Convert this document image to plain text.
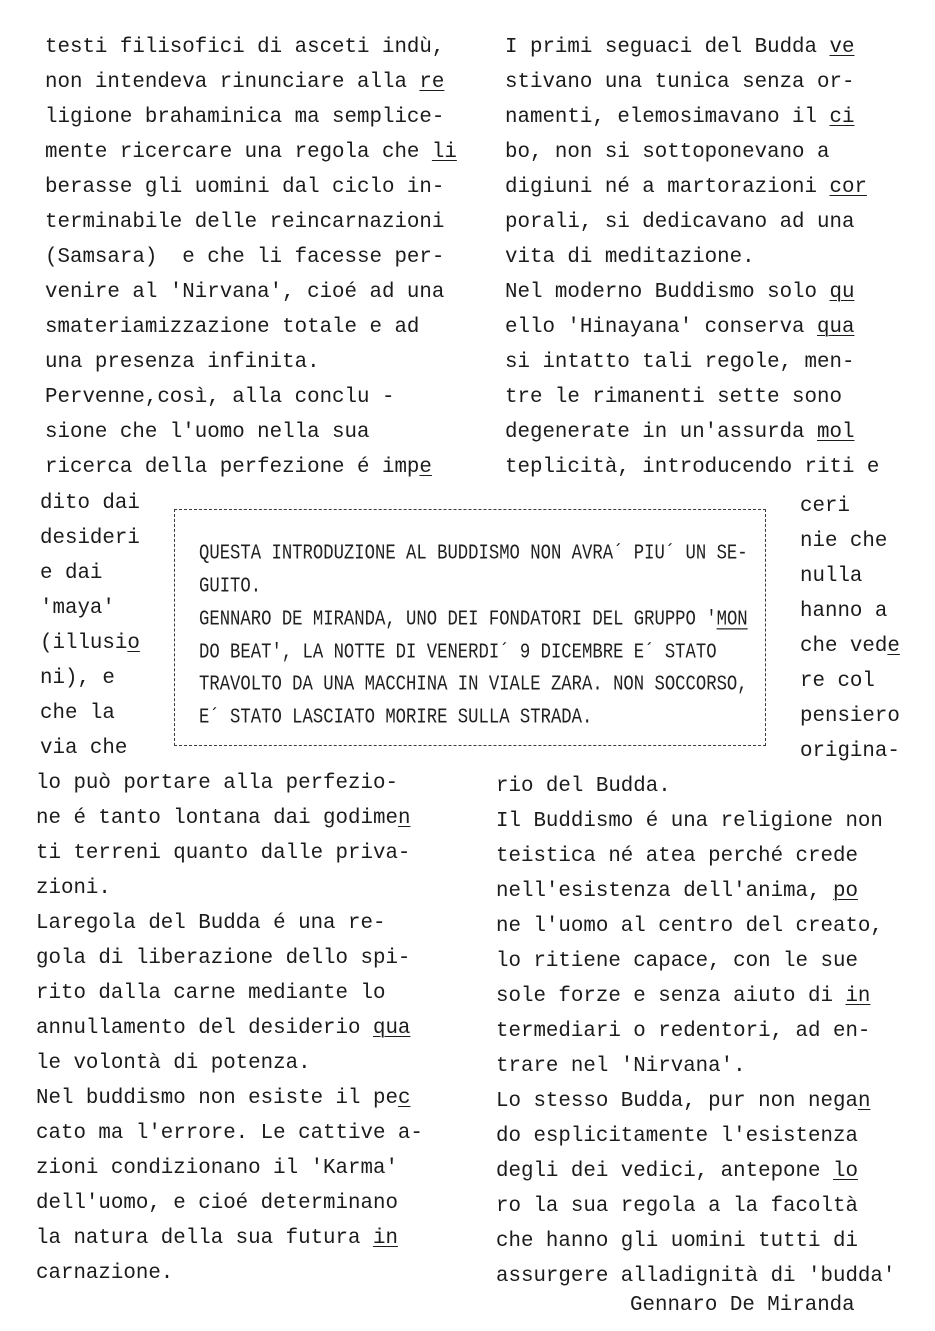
testi filisofici di asceti indù,
non intendeva rinunciare alla re
ligione brahaminica ma semplice-
mente ricercare una regola che li
berasse gli uomini dal ciclo in-
terminabile delle reincarnazioni
(Samsara)  e che li facesse per-
venire al 'Nirvana', cioé ad una
smateriamizzazione totale e ad
una presenza infinita.
Pervenne,così, alla conclu -
sione che l'uomo nella sua
ricerca della perfezione é impe
dito dai
desideri
e dai
'maya'
(illusio
ni), e
che la
via che
lo può portare alla perfezio-
ne é tanto lontana dai godimen
ti terreni quanto dalle priva-
zioni.
Laregola del Budda é una re-
gola di liberazione dello spi-
rito dalla carne mediante lo
annullamento del desiderio qua
le volontà di potenza.
Nel buddismo non esiste il pec
cato ma l'errore. Le cattive a-
zioni condizionano il 'Karma'
dell'uomo, e cioé determinano
la natura della sua futura in
carnazione.
I primi seguaci del Budda ve
stivano una tunica senza or-
namenti, elemosimavano il ci
bo, non si sottoponevano a
digiuni né a martorazioni cor
porali, si dedicavano ad una
vita di meditazione.
Nel moderno Buddismo solo qu
ello 'Hinayana' conserva qua
si intatto tali regole, men-
tre le rimanenti sette sono
degenerate in un'assurda mol
teplicità, introducendo riti e
ceri
nie che
nulla
hanno a
che vede
re col
pensiero
origina-
rio del Budda.
Il Buddismo é una religione non
teistica né atea perché crede
nell'esistenza dell'anima, po
ne l'uomo al centro del creato,
lo ritiene capace, con le sue
sole forze e senza aiuto di in
termediari o redentori, ad en-
trare nel 'Nirvana'.
Lo stesso Budda, pur non negan
do esplicitamente l'esistenza
degli dei vedici, antepone lo
ro la sua regola a la facoltà
che hanno gli uomini tutti di
assurgere alladignità di 'budda'
QUESTA INTRODUZIONE AL BUDDISMO NON AVRA´ PIU´ UN SE-
GUITO.
GENNARO DE MIRANDA, UNO DEI FONDATORI DEL GRUPPO 'MON
DO BEAT', LA NOTTE DI VENERDI´ 9 DICEMBRE E´ STATO
TRAVOLTO DA UNA MACCHINA IN VIALE ZARA. NON SOCCORSO,
E´ STATO LASCIATO MORIRE SULLA STRADA.
Gennaro De Miranda
